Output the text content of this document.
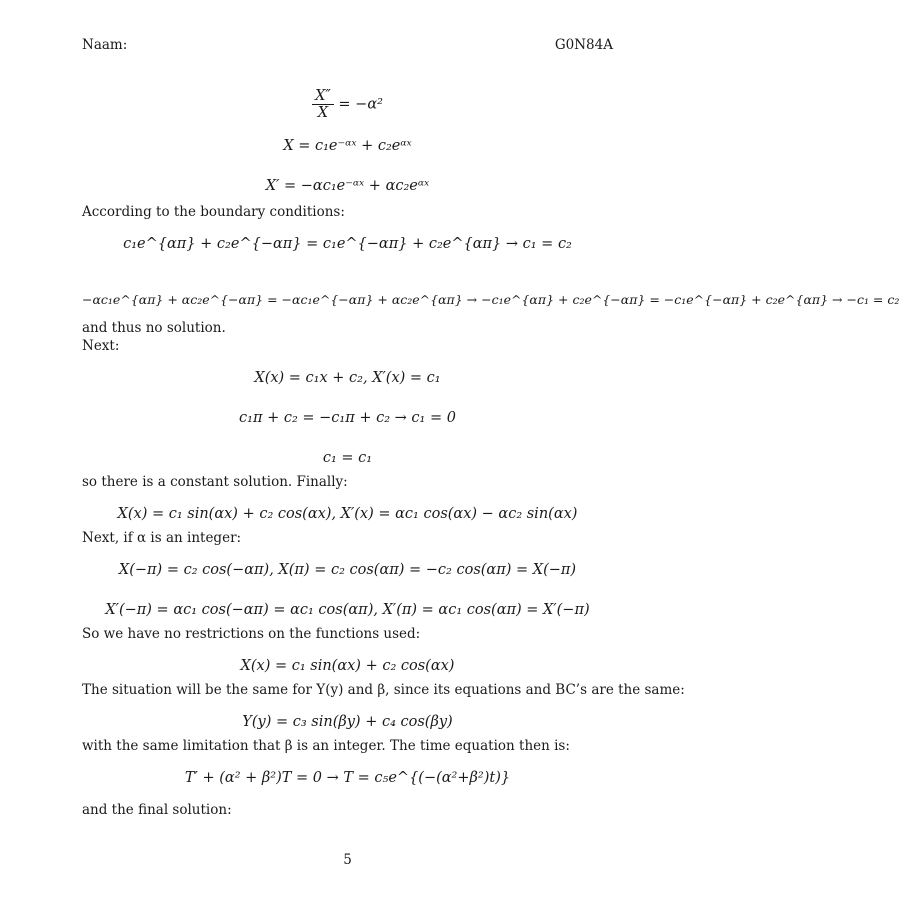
Naam:	G0N84A
$\frac{X''}{X} = -\alpha^2$
X = c₁e⁻ᵅˣ + c₂eᵅˣ
X′ = −αc₁e⁻ᵅˣ + αc₂eᵅˣ
According to the boundary conditions:
c₁e^{απ} + c₂e^{−απ} = c₁e^{−απ} + c₂e^{απ} → c₁ = c₂
−αc₁e^{απ} + αc₂e^{−απ} = −αc₁e^{−απ} + αc₂e^{απ} → −c₁e^{απ} + c₂e^{−απ} = −c₁e^{−απ} + c₂e^{απ} → −c₁ = c₂
and thus no solution.
Next:
X(x) = c₁x + c₂, X′(x) = c₁
c₁π + c₂ = −c₁π + c₂ → c₁ = 0
c₁ = c₁
so there is a constant solution. Finally:
X(x) = c₁ sin(αx) + c₂ cos(αx), X′(x) = αc₁ cos(αx) − αc₂ sin(αx)
Next, if α is an integer:
X(−π) = c₂ cos(−απ), X(π) = c₂ cos(απ) = −c₂ cos(απ) = X(−π)
X′(−π) = αc₁ cos(−απ) = αc₁ cos(απ), X′(π) = αc₁ cos(απ) = X′(−π)
So we have no restrictions on the functions used:
X(x) = c₁ sin(αx) + c₂ cos(αx)
The situation will be the same for Y(y) and β, since its equations and BC’s are the same:
Y(y) = c₃ sin(βy) + c₄ cos(βy)
with the same limitation that β is an integer. The time equation then is:
T′ + (α² + β²)T = 0 → T = c₅e^{(−(α²+β²)t)}
and the final solution:
5
